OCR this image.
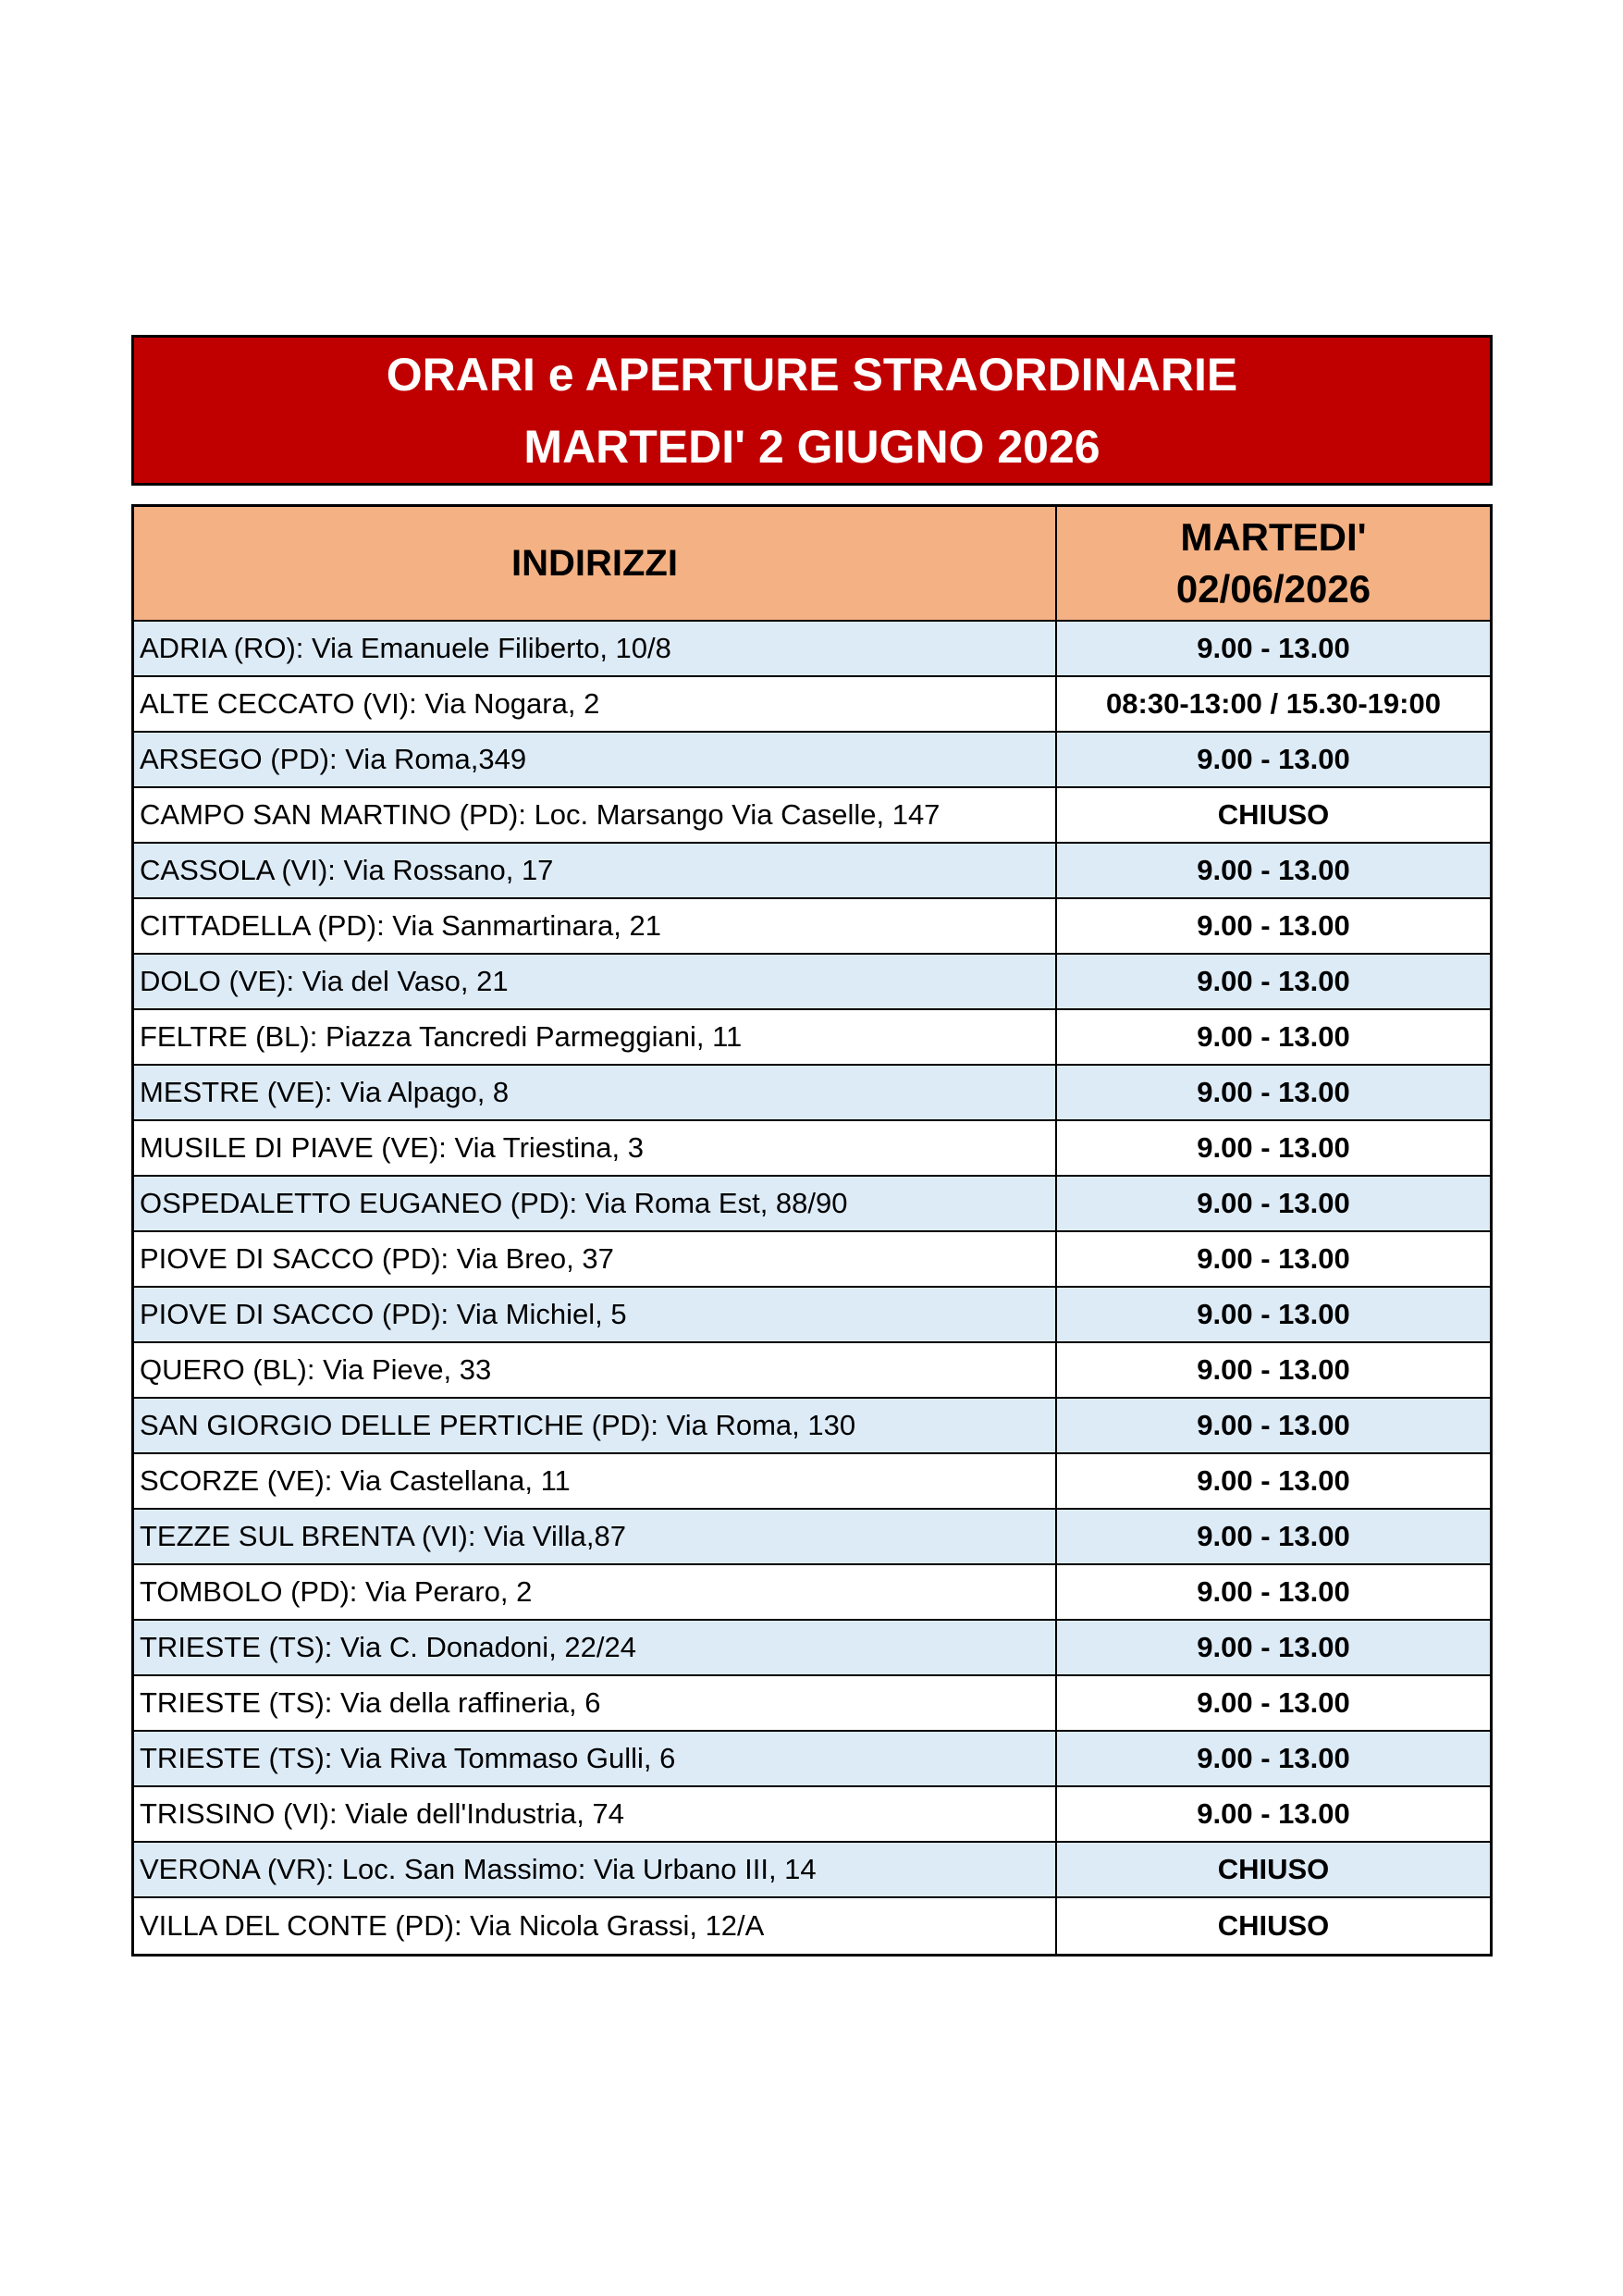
ORARI e APERTURE STRAORDINARIE
MARTEDI' 2 GIUGNO 2026
INDIRIZZI
MARTEDI'
02/06/2026
ADRIA (RO): Via Emanuele Filiberto, 10/8	9.00 - 13.00
ALTE CECCATO (VI): Via Nogara, 2	08:30-13:00 / 15.30-19:00
ARSEGO (PD): Via Roma,349	9.00 - 13.00
CAMPO SAN MARTINO (PD): Loc. Marsango Via Caselle, 147	CHIUSO
CASSOLA (VI): Via Rossano, 17	9.00 - 13.00
CITTADELLA (PD): Via Sanmartinara, 21	9.00 - 13.00
DOLO (VE): Via del Vaso, 21	9.00 - 13.00
FELTRE (BL): Piazza Tancredi Parmeggiani, 11	9.00 - 13.00
MESTRE (VE): Via Alpago, 8	9.00 - 13.00
MUSILE DI PIAVE (VE): Via Triestina, 3	9.00 - 13.00
OSPEDALETTO EUGANEO (PD): Via Roma Est, 88/90	9.00 - 13.00
PIOVE DI SACCO (PD): Via Breo, 37	9.00 - 13.00
PIOVE DI SACCO (PD): Via Michiel, 5	9.00 - 13.00
QUERO (BL): Via Pieve, 33	9.00 - 13.00
SAN GIORGIO DELLE PERTICHE (PD): Via Roma, 130	9.00 - 13.00
SCORZE (VE): Via Castellana, 11	9.00 - 13.00
TEZZE SUL BRENTA (VI): Via Villa,87	9.00 - 13.00
TOMBOLO (PD): Via Peraro, 2	9.00 - 13.00
TRIESTE (TS): Via C. Donadoni, 22/24	9.00 - 13.00
TRIESTE (TS): Via della raffineria, 6	9.00 - 13.00
TRIESTE (TS): Via Riva Tommaso Gulli, 6	9.00 - 13.00
TRISSINO (VI): Viale dell'Industria, 74	9.00 - 13.00
VERONA (VR): Loc. San Massimo: Via Urbano III, 14	CHIUSO
VILLA DEL CONTE (PD): Via Nicola Grassi, 12/A	CHIUSO
